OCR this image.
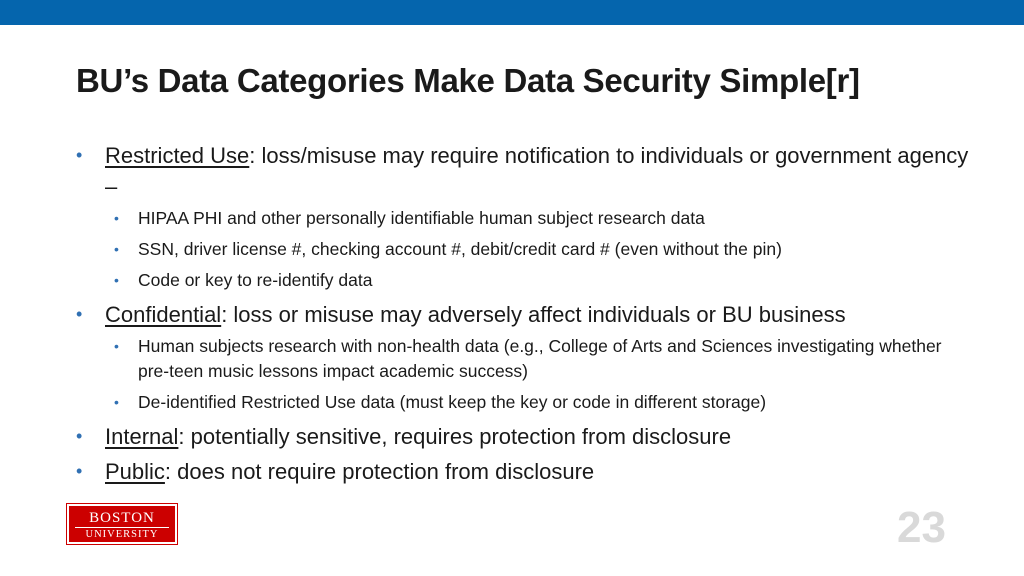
BU’s Data Categories Make Data Security Simple[r]
• Restricted Use: loss/misuse may require notification to individuals or government agency –
• HIPAA PHI and other personally identifiable human subject research data
• SSN, driver license #, checking account #, debit/credit card # (even without the pin)
• Code or key to re-identify data
• Confidential: loss or misuse may adversely affect individuals or BU business
• Human subjects research with non-health data (e.g., College of Arts and Sciences investigating whether pre-teen music lessons impact academic success)
• De-identified Restricted Use data (must keep the key or code in different storage)
• Internal: potentially sensitive, requires protection from disclosure
• Public: does not require protection from disclosure
BOSTON
UNIVERSITY	23
